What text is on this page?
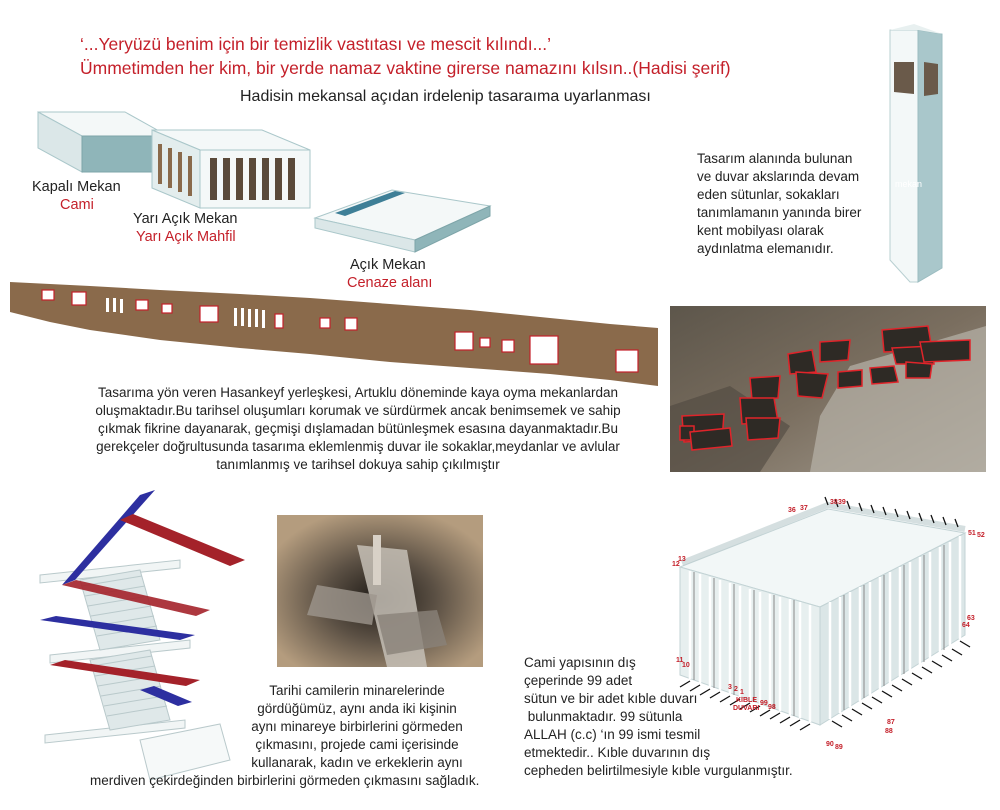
‘...Yeryüzü benim için bir temizlik vastıtası ve mescit kılındı...’
Ümmetimden her kim, bir yerde namaz vaktine girerse namazını kılsın..(Hadisi şerif)
Hadisin mekansal açıdan irdelenip tasaraıma uyarlanması
Kapalı Mekan
Cami
Yarı Açık Mekan
Yarı Açık Mahfil
Açık Mekan
Cenaze alanı
mekan
Tasarım alanında bulunan
ve duvar akslarında devam
eden sütunlar, sokakları
tanımlamanın yanında birer
kent mobilyası olarak
aydınlatma elemanıdır.
Tasarıma yön veren Hasankeyf yerleşkesi, Artuklu döneminde kaya oyma mekanlardan
oluşmaktadır.Bu tarihsel oluşumları korumak ve sürdürmek ancak benimsemek ve sahip
çıkmak fikrine dayanarak, geçmişi dışlamadan bütünleşmek esasına dayanmaktadır.Bu
gerekçeler doğrultusunda tasarıma eklemlenmiş duvar ile sokaklar,meydanlar ve avlular
tanımlanmış ve tarihsel dokuya sahip çıkılmıştır
Tarihi camilerin minarelerinde
gördüğümüz, aynı anda iki kişinin
aynı minareye birbirlerini görmeden
çıkmasını, projede cami içerisinde
kullanarak, kadın ve erkeklerin aynı
merdiven çekirdeğinden birbirlerini görmeden çıkmasını sağladık.
12
13
36 37
38 39
51 52
63
64
11
10
3 2 1
99
98
87
88
90 89
KIBLE
DUVARI
Cami yapısının dış
çeperinde 99 adet
sütun ve bir adet kıble duvarı
bulunmaktadır. 99 sütunla
ALLAH (c.c) ‘ın 99 ismi tesmil
etmektedir.. Kıble duvarının dış
cepheden belirtilmesiyle kıble vurgulanmıştır.
